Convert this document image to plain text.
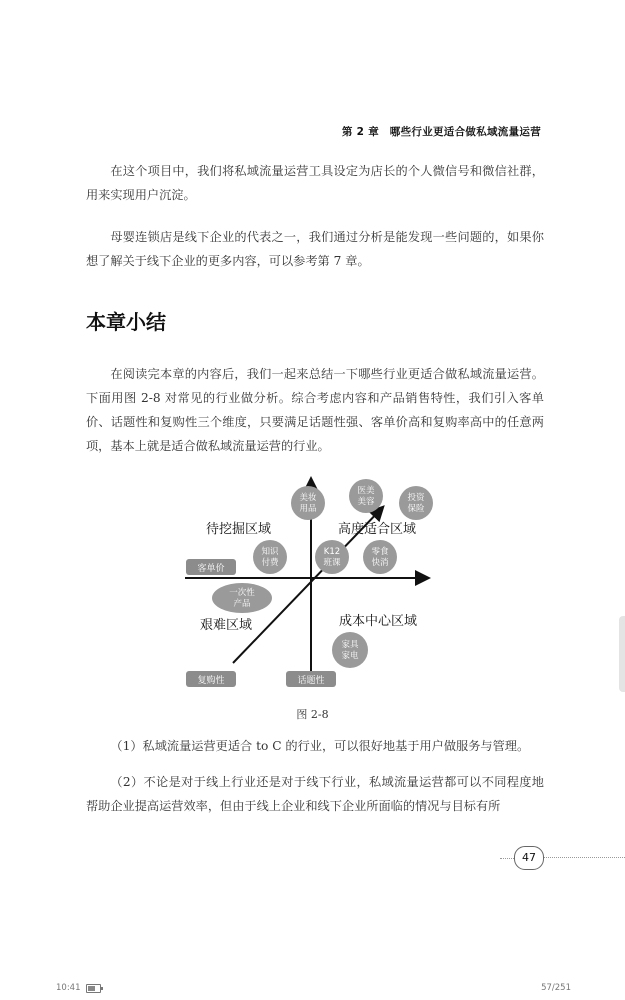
第 2 章　哪些行业更适合做私域流量运营

在这个项目中，我们将私域流量运营工具设定为店长的个人微信号和微信社群，用来实现用户沉淀。

母婴连锁店是线下企业的代表之一，我们通过分析是能发现一些问题的，如果你想了解关于线下企业的更多内容，可以参考第 7 章。

本章小结

在阅读完本章的内容后，我们一起来总结一下哪些行业更适合做私域流量运营。下面用图 2-8 对常见的行业做分析。综合考虑内容和产品销售特性，我们引入客单价、话题性和复购性三个维度，只要满足话题性强、客单价高和复购率高中的任意两项，基本上就是适合做私域流量运营的行业。

待挖掘区域	高度适合区域
艰难区域	成本中心区域
客单价
复购性	话题性
美妆
用品
医美
美容	投资
保险
知识
付费
K12
班课
零食
快消
一次性
产品
家具
家电
图 2-8

（1）私域流量运营更适合 to C 的行业，可以很好地基于用户做服务与管理。

（2）不论是对于线上行业还是对于线下行业，私域流量运营都可以不同程度地帮助企业提高运营效率，但由于线上企业和线下企业所面临的情况与目标有所

47
10:41	57/251
